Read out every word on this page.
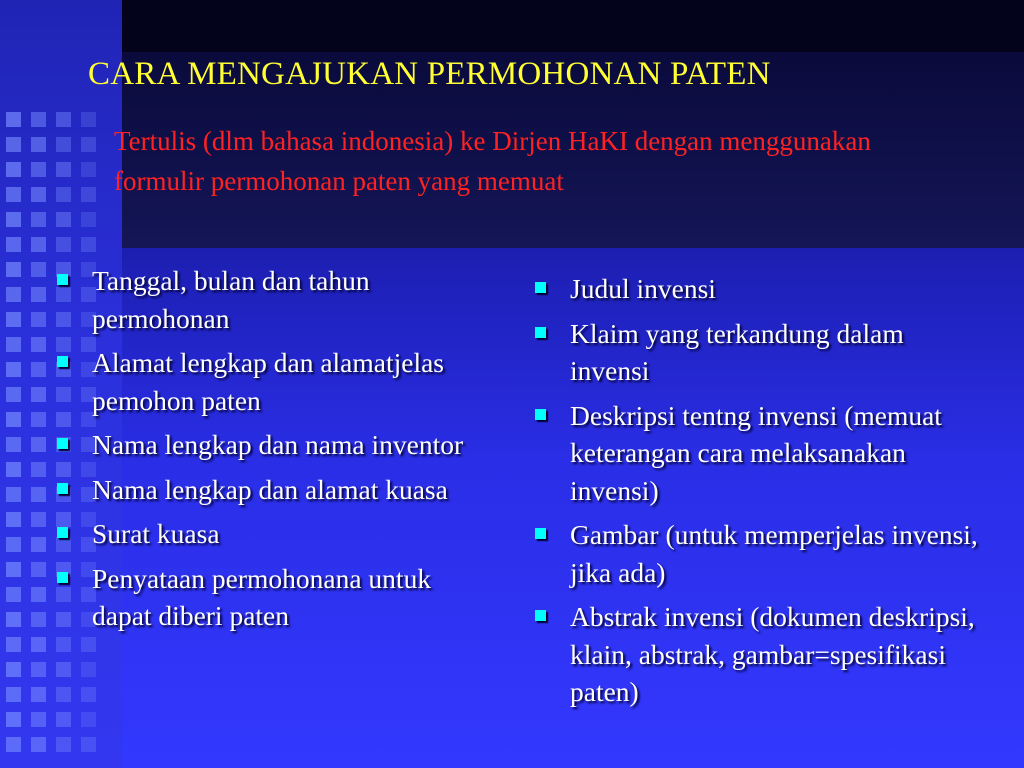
CARA MENGAJUKAN PERMOHONAN PATEN
Tertulis (dlm bahasa indonesia) ke Dirjen HaKI dengan menggunakan formulir permohonan paten yang memuat
Tanggal, bulan dan tahun permohonan
Alamat lengkap dan alamatjelas pemohon paten
Nama lengkap dan nama inventor
Nama lengkap dan alamat kuasa
Surat kuasa
Penyataan permohonana untuk dapat diberi paten
Judul invensi
Klaim yang terkandung dalam invensi
Deskripsi tentng invensi (memuat keterangan cara melaksanakan invensi)
Gambar (untuk memperjelas invensi, jika ada)
Abstrak invensi (dokumen deskripsi, klain, abstrak, gambar=spesifikasi paten)
